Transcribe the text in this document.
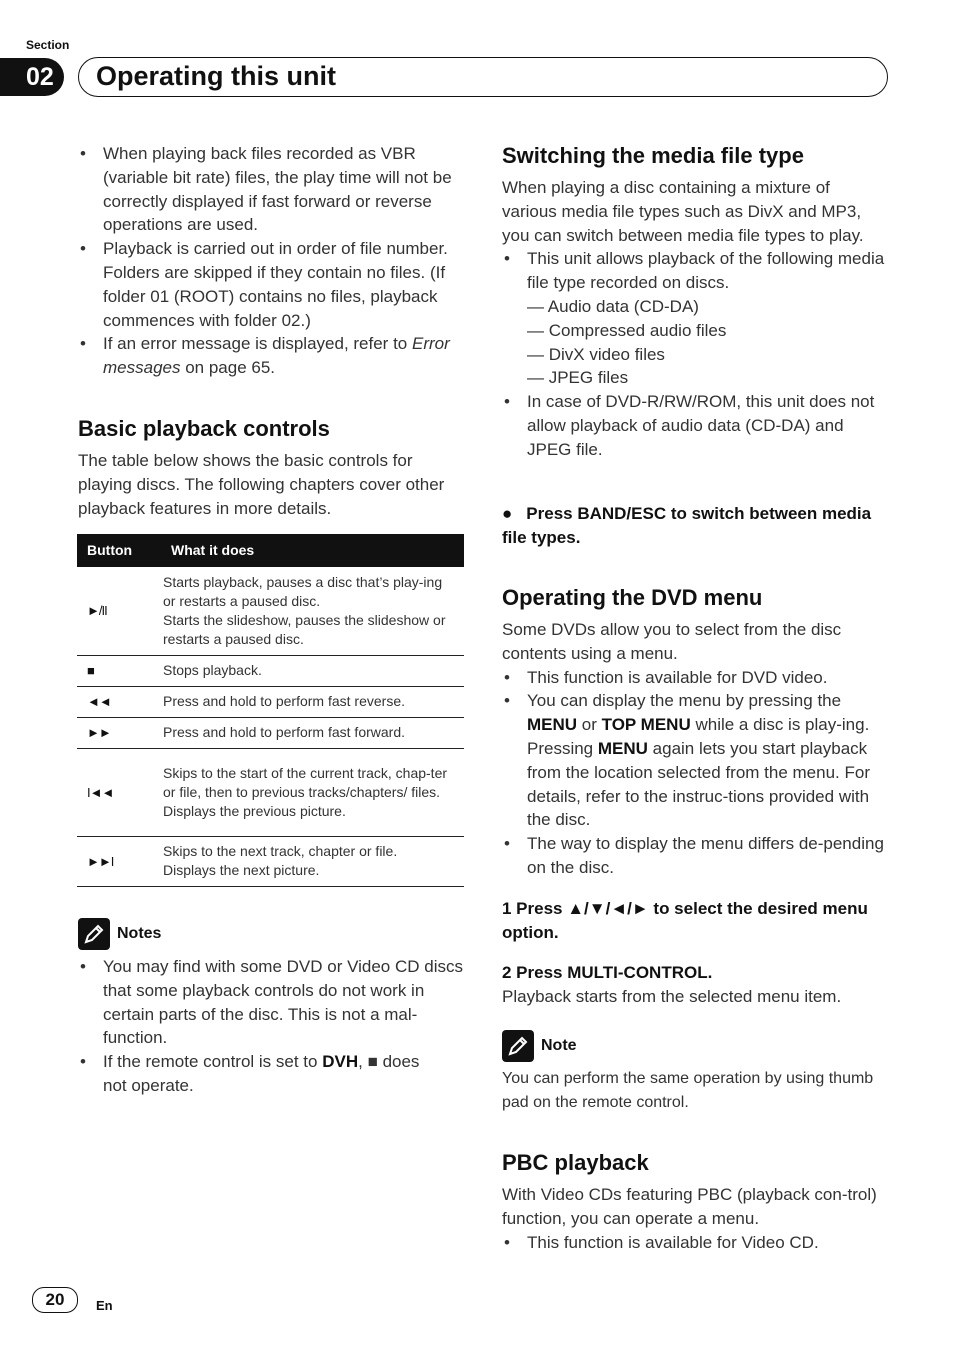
Section
02	Operating this unit

• When playing back files recorded as VBR (variable bit rate) files, the play time will not be correctly displayed if fast forward or reverse operations are used.

• Playback is carried out in order of file number. Folders are skipped if they contain no files. (If folder 01 (ROOT) contains no files, playback commences with folder 02.)

• If an error message is displayed, refer to Error messages on page 65.

Basic playback controls

The table below shows the basic controls for playing discs. The following chapters cover other playback features in more details.

Button	What it does
►/II	Starts playback, pauses a disc that’s play-ing or restarts a paused disc.
Starts the slideshow, pauses the slideshow or restarts a paused disc.

■	Stops playback.
◄◄	Press and hold to perform fast reverse.
►►	Press and hold to perform fast forward.
I◄◄	Skips to the start of the current track, chap-ter or file, then to previous tracks/chapters/ files.
Displays the previous picture.

►►I	Skips to the next track, chapter or file.
Displays the next picture.
Notes

• You may find with some DVD or Video CD discs that some playback controls do not work in certain parts of the disc. This is not a mal-function.

• If the remote control is set to DVH, ■ does
not operate.

Switching the media file type

When playing a disc containing a mixture of various media file types such as DivX and MP3, you can switch between media file types to play.

• This unit allows playback of the following media file type recorded on discs.

— Audio data (CD-DA)
— Compressed audio files
— DivX video files
— JPEG files

• In case of DVD-R/RW/ROM, this unit does not allow playback of audio data (CD-DA) and JPEG file.

● Press BAND/ESC to switch between media file types.
Operating the DVD menu

Some DVDs allow you to select from the disc contents using a menu.

• This function is available for DVD video.

• You can display the menu by pressing the MENU or TOP MENU while a disc is play-ing. Pressing MENU again lets you start playback from the location selected from the menu. For details, refer to the instruc-tions provided with the disc.

• The way to display the menu differs de-pending on the disc.

1 Press ▲/▼/◄/► to select the desired menu option.
2 Press MULTI-CONTROL.
Playback starts from the selected menu item.
Note
You can perform the same operation by using thumb pad on the remote control.
PBC playback

With Video CDs featuring PBC (playback con-trol) function, you can operate a menu.

• This function is available for Video CD.

20	En
